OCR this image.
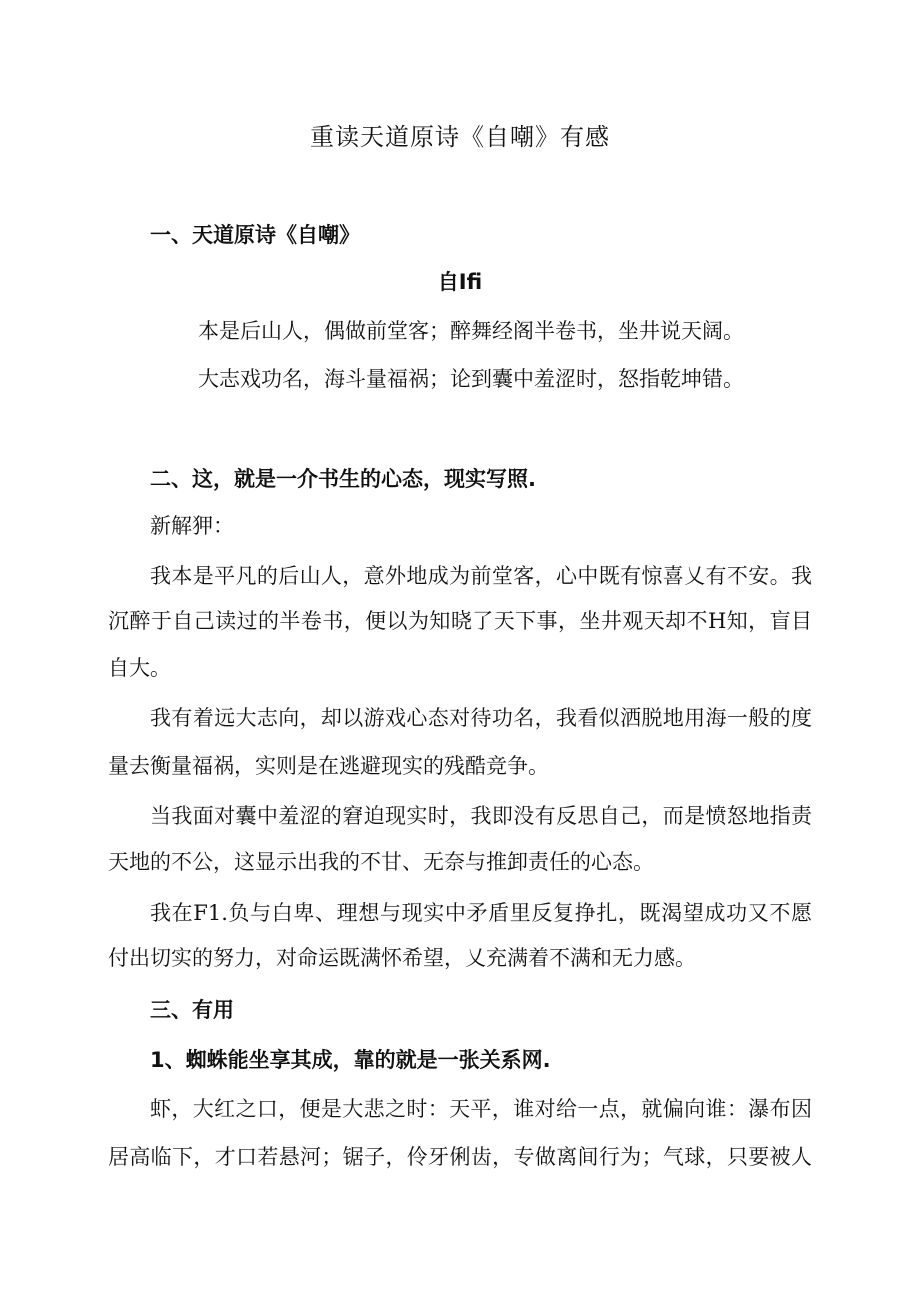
重读天道原诗《自嘲》有感
一、天道原诗《自嘲》
自Ifi
本是后山人，偶做前堂客；醉舞经阁半卷书，坐井说天阔。
大志戏功名，海斗量福祸；论到囊中羞涩时，怒指乾坤错。
二、这，就是一介书生的心态，现实写照.
新解狎：
我本是平凡的后山人，意外地成为前堂客，心中既有惊喜乂有不安。我
沉醉于自己读过的半卷书，便以为知晓了天下事，坐井观天却不H知，盲目
自大。
我有着远大志向，却以游戏心态对待功名，我看似洒脱地用海一般的度
量去衡量福祸，实则是在逃避现实的残酷竞争。
当我面对囊中羞涩的窘迫现实时，我即没有反思自己，而是愤怒地指责
天地的不公，这显示出我的不甘、无奈与推卸责任的心态。
我在F1.负与白卑、理想与现实中矛盾里反复挣扎，既渴望成功又不愿
付出切实的努力，对命运既满怀希望，乂充满着不满和无力感。
三、有用
1、蜘蛛能坐享其成，靠的就是一张关系网.
虾，大红之口，便是大悲之时：天平，谁对给一点，就偏向谁：瀑布因
居高临下，才口若悬河；锯子，伶牙俐齿，专做离间行为；气球，只要被人
